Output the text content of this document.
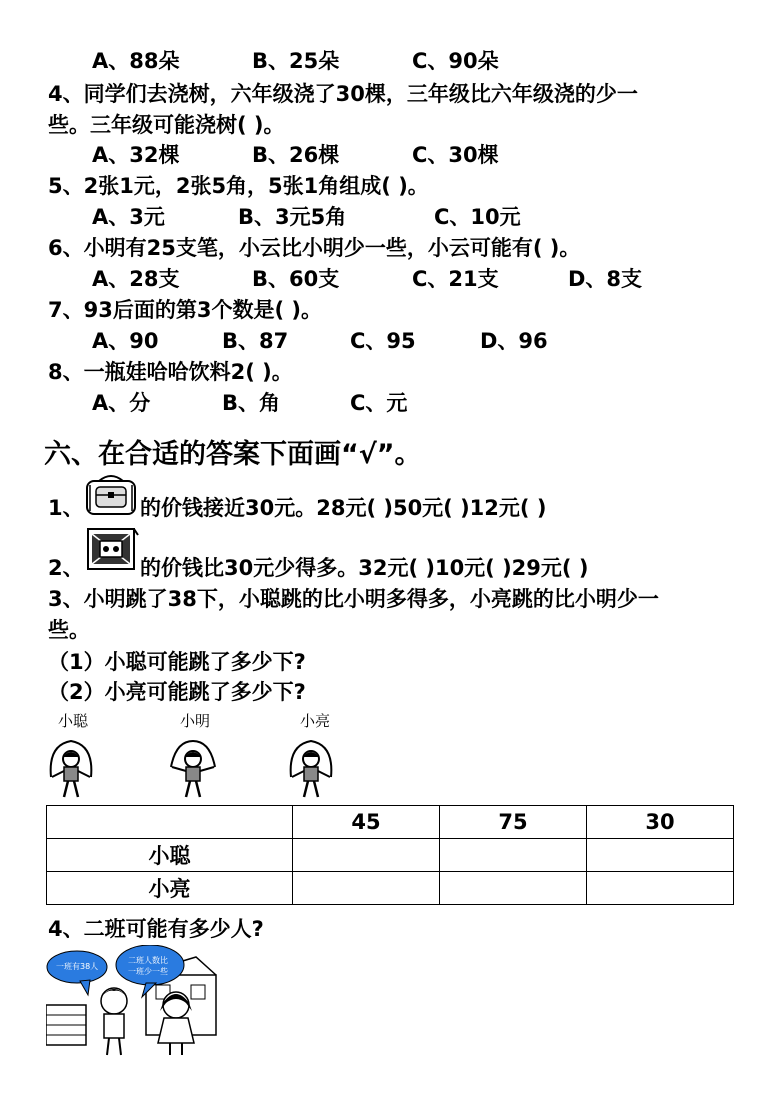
A、88朵	B、25朵	C、90朵
4、同学们去浇树，六年级浇了30棵，三年级比六年级浇的少一
些。三年级可能浇树( )。
A、32棵	B、26棵	C、30棵
5、2张1元，2张5角，5张1角组成( )。
A、3元	B、3元5角	C、10元
6、小明有25支笔，小云比小明少一些，小云可能有( )。
A、28支	B、60支	C、21支	D、8支
7、93后面的第3个数是( )。
A、90	B、87	C、95	D、96
8、一瓶娃哈哈饮料2( )。
A、分	B、角	C、元
六、在合适的答案下面画“√”。
1、	的价钱接近30元。28元( )50元( )12元( )
2、	的价钱比30元少得多。32元( )10元( )29元( )
3、小明跳了38下，小聪跳的比小明多得多，小亮跳的比小明少一
些。
（1）小聪可能跳了多少下?
（2）小亮可能跳了多少下?
小聪	小明	小亮
	45	75	30
小聪			
小亮			
4、二班可能有多少人?
一班有38人
二班人数比
一班少一些
